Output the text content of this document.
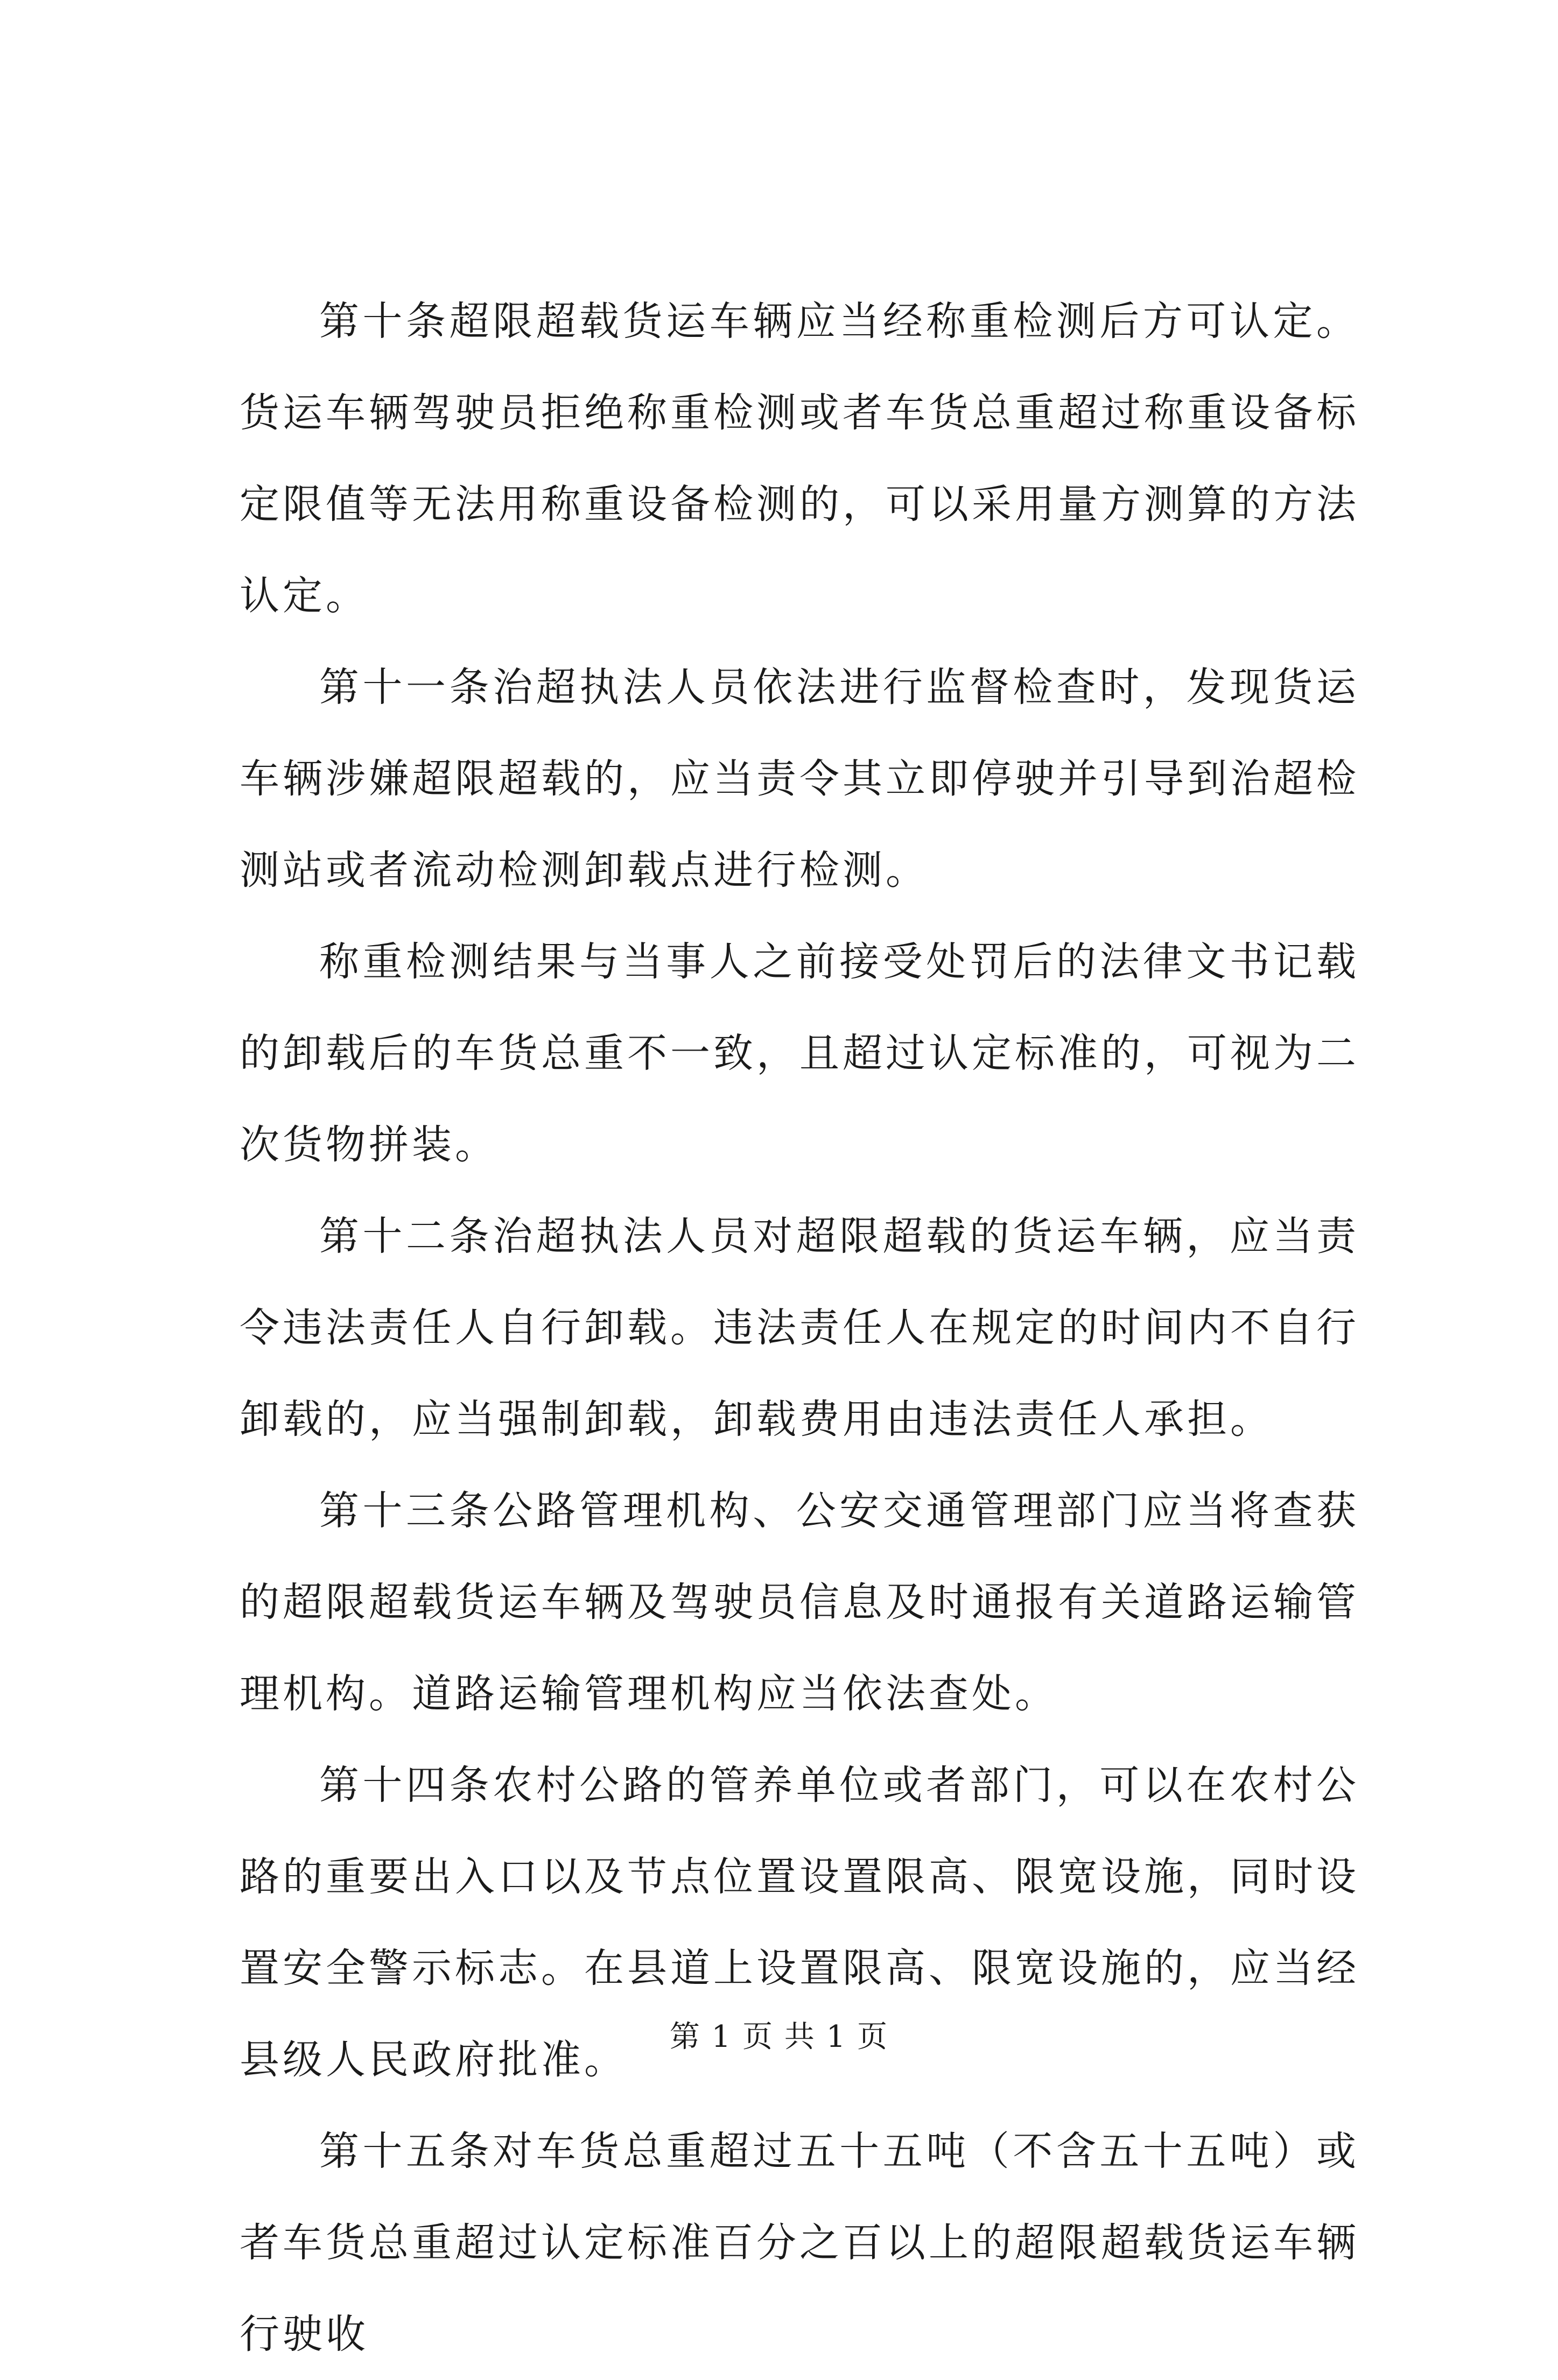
第十条超限超载货运车辆应当经称重检测后方可认定。货运车辆驾驶员拒绝称重检测或者车货总重超过称重设备标定限值等无法用称重设备检测的，可以采用量方测算的方法认定。

第十一条治超执法人员依法进行监督检查时，发现货运车辆涉嫌超限超载的，应当责令其立即停驶并引导到治超检测站或者流动检测卸载点进行检测。

称重检测结果与当事人之前接受处罚后的法律文书记载的卸载后的车货总重不一致，且超过认定标准的，可视为二次货物拼装。

第十二条治超执法人员对超限超载的货运车辆，应当责令违法责任人自行卸载。违法责任人在规定的时间内不自行卸载的，应当强制卸载，卸载费用由违法责任人承担。

第十三条公路管理机构、公安交通管理部门应当将查获的超限超载货运车辆及驾驶员信息及时通报有关道路运输管理机构。道路运输管理机构应当依法查处。

第十四条农村公路的管养单位或者部门，可以在农村公路的重要出入口以及节点位置设置限高、限宽设施，同时设置安全警示标志。在县道上设置限高、限宽设施的，应当经县级人民政府批准。

第十五条对车货总重超过五十五吨（不含五十五吨）或者车货总重超过认定标准百分之百以上的超限超载货运车辆行驶收

第 1 页 共 1 页
